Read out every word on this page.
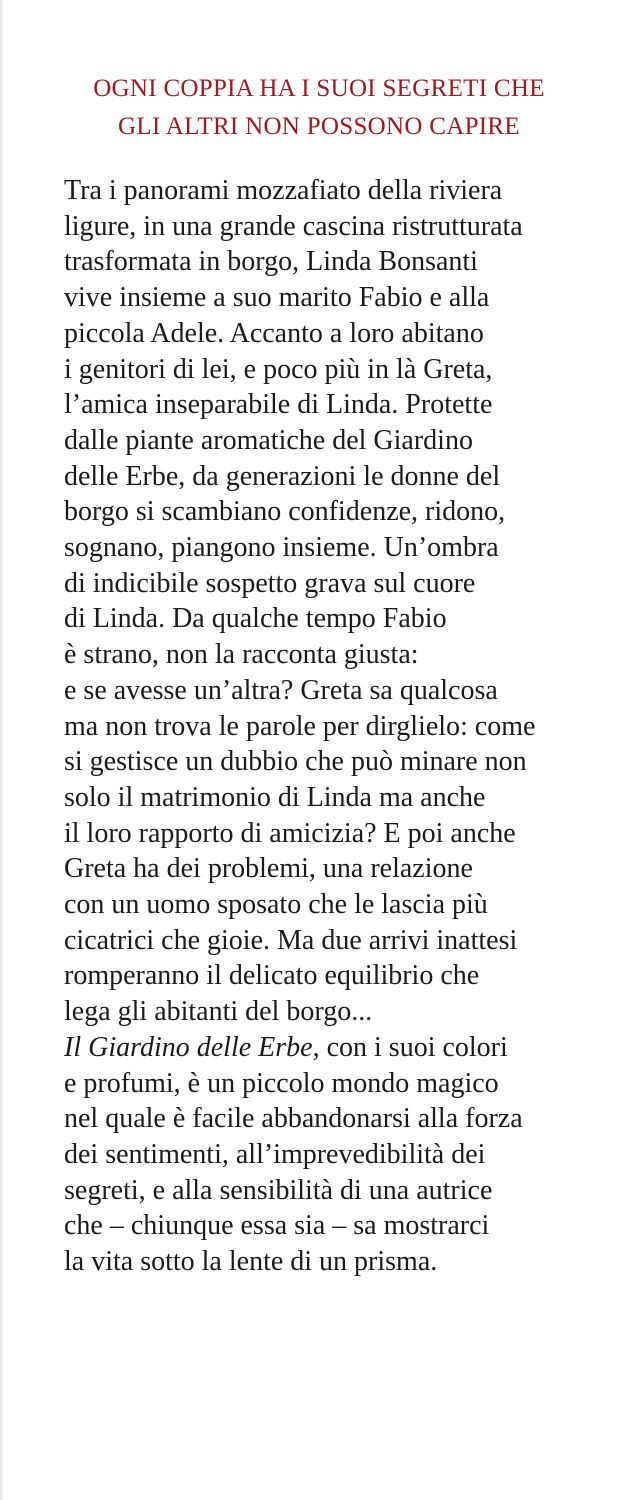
OGNI COPPIA HA I SUOI SEGRETI CHE
GLI ALTRI NON POSSONO CAPIRE
Tra i panorami mozzafiato della riviera
ligure, in una grande cascina ristrutturata
trasformata in borgo, Linda Bonsanti
vive insieme a suo marito Fabio e alla
piccola Adele. Accanto a loro abitano
i genitori di lei, e poco più in là Greta,
l’amica inseparabile di Linda. Protette
dalle piante aromatiche del Giardino
delle Erbe, da generazioni le donne del
borgo si scambiano confidenze, ridono,
sognano, piangono insieme. Un’ombra
di indicibile sospetto grava sul cuore
di Linda. Da qualche tempo Fabio
è strano, non la racconta giusta:
e se avesse un’altra? Greta sa qualcosa
ma non trova le parole per dirglielo: come
si gestisce un dubbio che può minare non
solo il matrimonio di Linda ma anche
il loro rapporto di amicizia? E poi anche
Greta ha dei problemi, una relazione
con un uomo sposato che le lascia più
cicatrici che gioie. Ma due arrivi inattesi
romperanno il delicato equilibrio che
lega gli abitanti del borgo...
Il Giardino delle Erbe, con i suoi colori
e profumi, è un piccolo mondo magico
nel quale è facile abbandonarsi alla forza
dei sentimenti, all’imprevedibilità dei
segreti, e alla sensibilità di una autrice
che – chiunque essa sia – sa mostrarci
la vita sotto la lente di un prisma.
